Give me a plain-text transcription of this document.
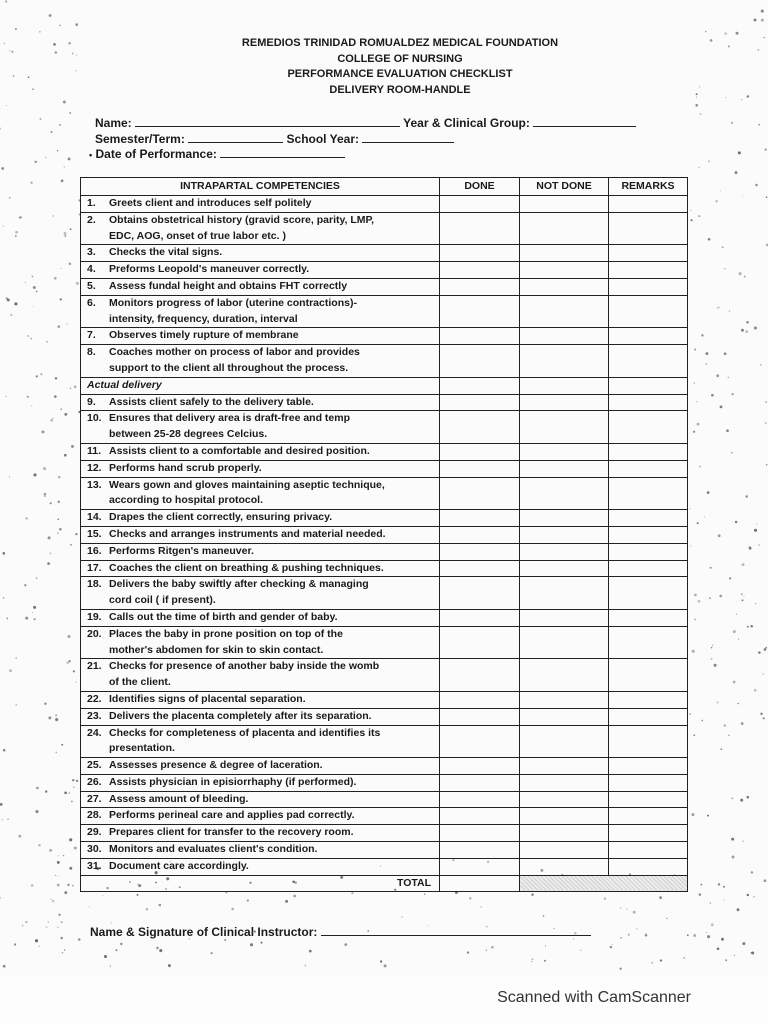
REMEDIOS TRINIDAD ROMUALDEZ MEDICAL FOUNDATION
COLLEGE OF NURSING
PERFORMANCE EVALUATION CHECKLIST
DELIVERY ROOM-HANDLE
Name:	Year & Clinical Group:
Semester/Term:	School Year:
• Date of Performance:
INTRAPARTAL COMPETENCIES	DONE	NOT DONE	REMARKS

1. Greets client and introduces self politely			

2. Obtains obstetrical history (gravid score, parity, LMP,
EDC, AOG, onset of true labor etc. )			

3. Checks the vital signs.			

4. Preforms Leopold's maneuver correctly.			

5. Assess fundal height and obtains FHT correctly			

6. Monitors progress of labor (uterine contractions)-
intensity, frequency, duration, interval			

7. Observes timely rupture of membrane			

8. Coaches mother on process of labor and provides
support to the client all throughout the process.			

Actual delivery			

9. Assists client safely to the delivery table.			

10. Ensures that delivery area is draft-free and temp
between 25-28 degrees Celcius.			

11. Assists client to a comfortable and desired position.			

12. Performs hand scrub properly.			

13. Wears gown and gloves maintaining aseptic technique,
according to hospital protocol.			

14. Drapes the client correctly, ensuring privacy.			

15. Checks and arranges instruments and material needed.			

16. Performs Ritgen's maneuver.			

17. Coaches the client on breathing & pushing techniques.			

18. Delivers the baby swiftly after checking & managing
cord coil ( if present).			

19. Calls out the time of birth and gender of baby.			

20. Places the baby in prone position on top of the
mother's abdomen for skin to skin contact.			

21. Checks for presence of another baby inside the womb
of the client.			

22. Identifies signs of placental separation.			

23. Delivers the placenta completely after its separation.			

24. Checks for completeness of placenta and identifies its
presentation.			

25. Assesses presence & degree of laceration.			

26. Assists physician in episiorrhaphy (if performed).			

27. Assess amount of bleeding.			

28. Performs perineal care and applies pad correctly.			

29. Prepares client for transfer to the recovery room.			

30. Monitors and evaluates client's condition.			

31. Document care accordingly.			

TOTAL			
Name & Signature of Clinical Instructor:
Scanned with CamScanner
